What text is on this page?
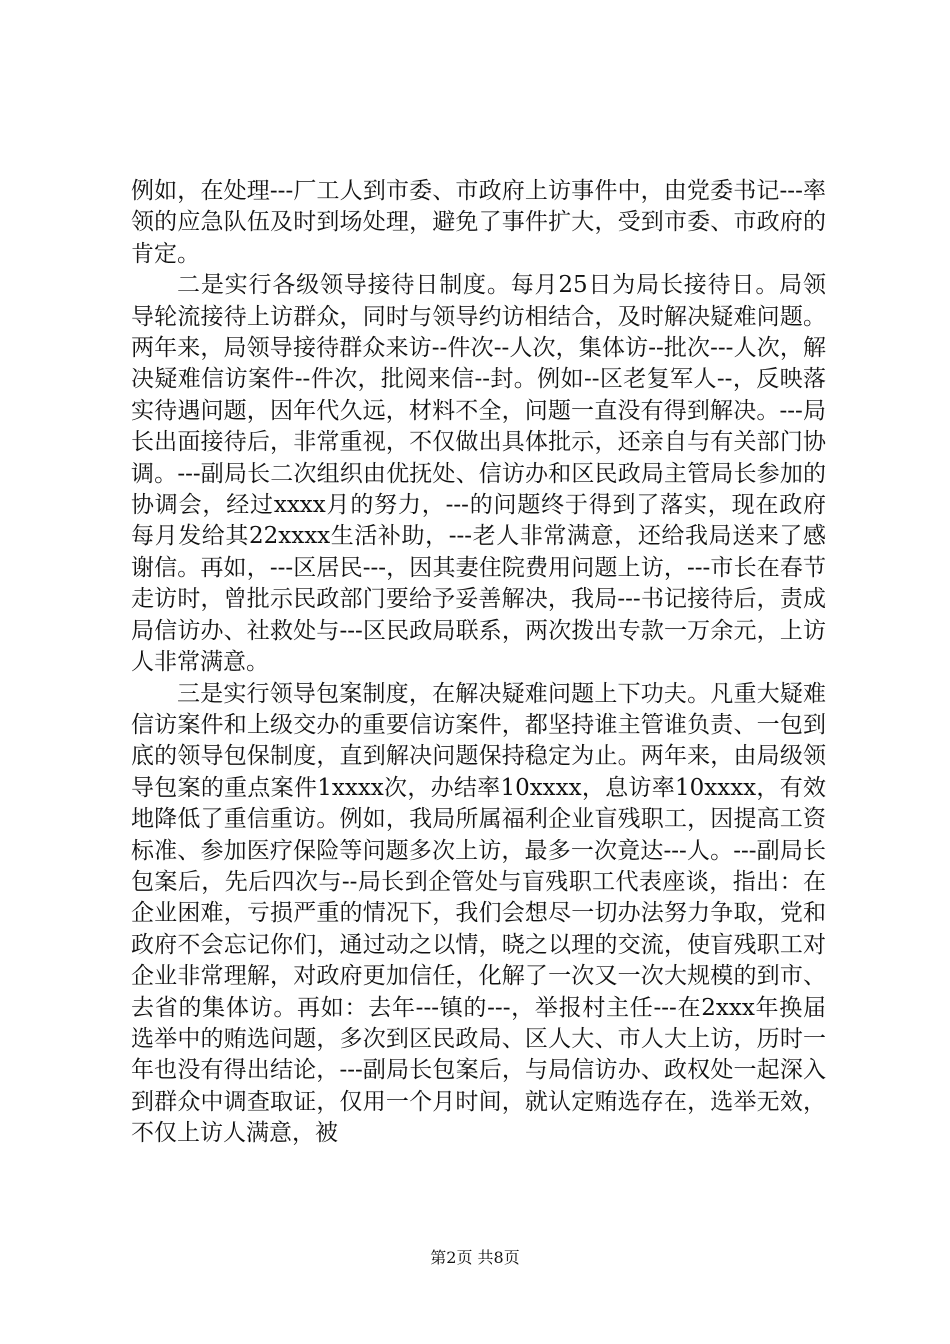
例如，在处理---厂工人到市委、市政府上访事件中，由党委书记---率领的应急队伍及时到场处理，避免了事件扩大，受到市委、市政府的肯定。

二是实行各级领导接待日制度。每月25日为局长接待日。局领导轮流接待上访群众，同时与领导约访相结合，及时解决疑难问题。两年来，局领导接待群众来访--件次--人次，集体访--批次---人次，解决疑难信访案件--件次，批阅来信--封。例如--区老复军人--，反映落实待遇问题，因年代久远，材料不全，问题一直没有得到解决。---局长出面接待后，非常重视，不仅做出具体批示，还亲自与有关部门协调。---副局长二次组织由优抚处、信访办和区民政局主管局长参加的协调会，经过xxxx月的努力，---的问题终于得到了落实，现在政府每月发给其22xxxx生活补助，---老人非常满意，还给我局送来了感谢信。再如，---区居民---，因其妻住院费用问题上访，---市长在春节走访时，曾批示民政部门要给予妥善解决，我局---书记接待后，责成局信访办、社救处与---区民政局联系，两次拨出专款一万余元，上访人非常满意。

三是实行领导包案制度，在解决疑难问题上下功夫。凡重大疑难信访案件和上级交办的重要信访案件，都坚持谁主管谁负责、一包到底的领导包保制度，直到解决问题保持稳定为止。两年来，由局级领导包案的重点案件1xxxx次，办结率10xxxx，息访率10xxxx，有效地降低了重信重访。例如，我局所属福利企业盲残职工，因提高工资标准、参加医疗保险等问题多次上访，最多一次竟达---人。---副局长包案后，先后四次与--局长到企管处与盲残职工代表座谈，指出：在企业困难，亏损严重的情况下，我们会想尽一切办法努力争取，党和政府不会忘记你们，通过动之以情，晓之以理的交流，使盲残职工对企业非常理解，对政府更加信任，化解了一次又一次大规模的到市、去省的集体访。再如：去年---镇的---，举报村主任---在2xxx年换届选举中的贿选问题，多次到区民政局、区人大、市人大上访，历时一年也没有得出结论，---副局长包案后，与局信访办、政权处一起深入到群众中调查取证，仅用一个月时间，就认定贿选存在，选举无效，不仅上访人满意，被

第2页 共8页
